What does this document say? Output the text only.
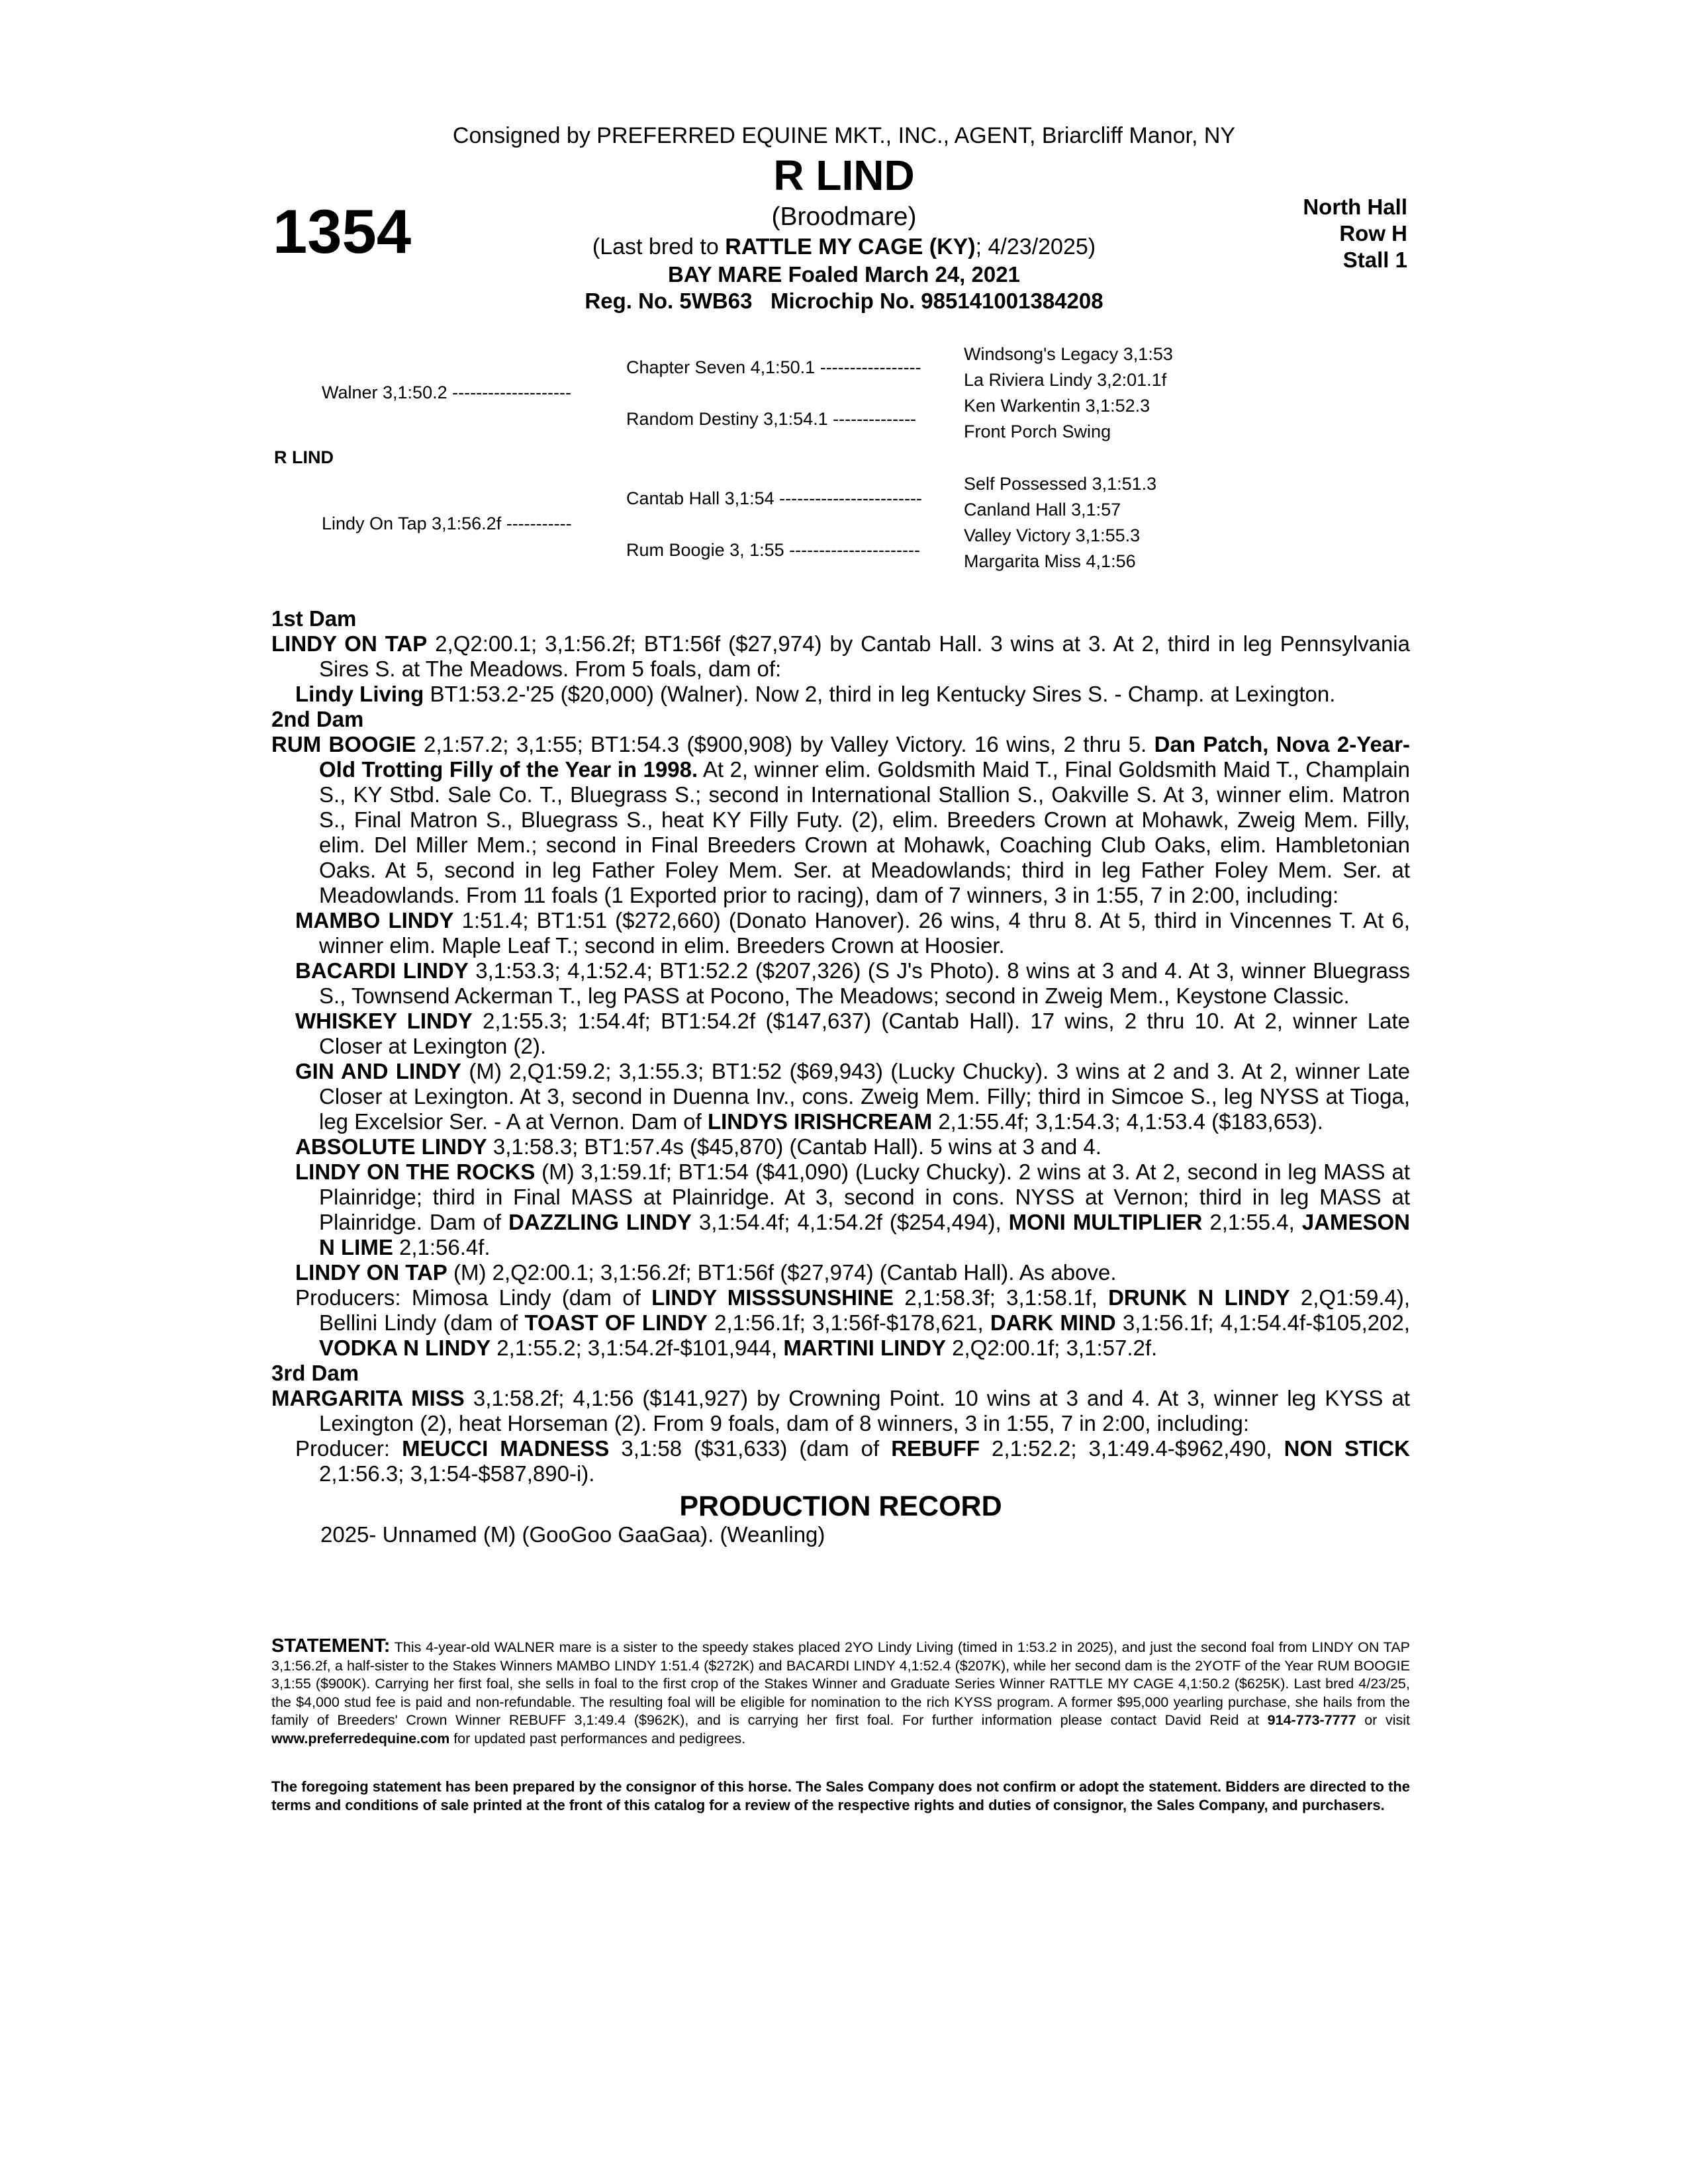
Consigned by PREFERRED EQUINE MKT., INC., AGENT, Briarcliff Manor, NY
R LIND
(Broodmare)
(Last bred to RATTLE MY CAGE (KY); 4/23/2025)
BAY MARE Foaled March 24, 2021
Reg. No. 5WB63 Microchip No. 985141001384208
1354	North Hall
Row H
Stall 1
Walner 3,1:50.2 --------------------
R LIND
Lindy On Tap 3,1:56.2f -----------
Chapter Seven 4,1:50.1 -----------------
Random Destiny 3,1:54.1 --------------
Cantab Hall 3,1:54 ------------------------
Rum Boogie 3, 1:55 ----------------------
Windsong's Legacy 3,1:53
La Riviera Lindy 3,2:01.1f
Ken Warkentin 3,1:52.3
Front Porch Swing
Self Possessed 3,1:51.3
Canland Hall 3,1:57
Valley Victory 3,1:55.3
Margarita Miss 4,1:56

1st Dam

LINDY ON TAP 2,Q2:00.1; 3,1:56.2f; BT1:56f ($27,974) by Cantab Hall. 3 wins at 3. At 2, third in leg Pennsylvania Sires S. at The Meadows. From 5 foals, dam of:

Lindy Living BT1:53.2-'25 ($20,000) (Walner). Now 2, third in leg Kentucky Sires S. - Champ. at Lexington.

2nd Dam

RUM BOOGIE 2,1:57.2; 3,1:55; BT1:54.3 ($900,908) by Valley Victory. 16 wins, 2 thru 5. Dan Patch, Nova 2-Year-Old Trotting Filly of the Year in 1998. At 2, winner elim. Goldsmith Maid T., Final Goldsmith Maid T., Champlain S., KY Stbd. Sale Co. T., Bluegrass S.; second in International Stallion S., Oakville S. At 3, winner elim. Matron S., Final Matron S., Bluegrass S., heat KY Filly Futy. (2), elim. Breeders Crown at Mohawk, Zweig Mem. Filly, elim. Del Miller Mem.; second in Final Breeders Crown at Mohawk, Coaching Club Oaks, elim. Hambletonian Oaks. At 5, second in leg Father Foley Mem. Ser. at Meadowlands; third in leg Father Foley Mem. Ser. at Meadowlands. From 11 foals (1 Exported prior to racing), dam of 7 winners, 3 in 1:55, 7 in 2:00, including:

MAMBO LINDY 1:51.4; BT1:51 ($272,660) (Donato Hanover). 26 wins, 4 thru 8. At 5, third in Vincennes T. At 6, winner elim. Maple Leaf T.; second in elim. Breeders Crown at Hoosier.

BACARDI LINDY 3,1:53.3; 4,1:52.4; BT1:52.2 ($207,326) (S J's Photo). 8 wins at 3 and 4. At 3, winner Bluegrass S., Townsend Ackerman T., leg PASS at Pocono, The Meadows; second in Zweig Mem., Keystone Classic.

WHISKEY LINDY 2,1:55.3; 1:54.4f; BT1:54.2f ($147,637) (Cantab Hall). 17 wins, 2 thru 10. At 2, winner Late Closer at Lexington (2).

GIN AND LINDY (M) 2,Q1:59.2; 3,1:55.3; BT1:52 ($69,943) (Lucky Chucky). 3 wins at 2 and 3. At 2, winner Late Closer at Lexington. At 3, second in Duenna Inv., cons. Zweig Mem. Filly; third in Simcoe S., leg NYSS at Tioga, leg Excelsior Ser. - A at Vernon. Dam of LINDYS IRISHCREAM 2,1:55.4f; 3,1:54.3; 4,1:53.4 ($183,653).

ABSOLUTE LINDY 3,1:58.3; BT1:57.4s ($45,870) (Cantab Hall). 5 wins at 3 and 4.

LINDY ON THE ROCKS (M) 3,1:59.1f; BT1:54 ($41,090) (Lucky Chucky). 2 wins at 3. At 2, second in leg MASS at Plainridge; third in Final MASS at Plainridge. At 3, second in cons. NYSS at Vernon; third in leg MASS at Plainridge. Dam of DAZZLING LINDY 3,1:54.4f; 4,1:54.2f ($254,494), MONI MULTIPLIER 2,1:55.4, JAMESON N LIME 2,1:56.4f.

LINDY ON TAP (M) 2,Q2:00.1; 3,1:56.2f; BT1:56f ($27,974) (Cantab Hall). As above.

Producers: Mimosa Lindy (dam of LINDY MISSSUNSHINE 2,1:58.3f; 3,1:58.1f, DRUNK N LINDY 2,Q1:59.4), Bellini Lindy (dam of TOAST OF LINDY 2,1:56.1f; 3,1:56f-$178,621, DARK MIND 3,1:56.1f; 4,1:54.4f-$105,202, VODKA N LINDY 2,1:55.2; 3,1:54.2f-$101,944, MARTINI LINDY 2,Q2:00.1f; 3,1:57.2f.

3rd Dam

MARGARITA MISS 3,1:58.2f; 4,1:56 ($141,927) by Crowning Point. 10 wins at 3 and 4. At 3, winner leg KYSS at Lexington (2), heat Horseman (2). From 9 foals, dam of 8 winners, 3 in 1:55, 7 in 2:00, including:

Producer: MEUCCI MADNESS 3,1:58 ($31,633) (dam of REBUFF 2,1:52.2; 3,1:49.4-$962,490, NON STICK 2,1:56.3; 3,1:54-$587,890-i).

PRODUCTION RECORD

2025- Unnamed (M) (GooGoo GaaGaa). (Weanling)

STATEMENT: This 4-year-old WALNER mare is a sister to the speedy stakes placed 2YO Lindy Living (timed in 1:53.2 in 2025), and just the second foal from LINDY ON TAP 3,1:56.2f, a half-sister to the Stakes Winners MAMBO LINDY 1:51.4 ($272K) and BACARDI LINDY 4,1:52.4 ($207K), while her second dam is the 2YOTF of the Year RUM BOOGIE 3,1:55 ($900K). Carrying her first foal, she sells in foal to the first crop of the Stakes Winner and Graduate Series Winner RATTLE MY CAGE 4,1:50.2 ($625K). Last bred 4/23/25, the $4,000 stud fee is paid and non-refundable. The resulting foal will be eligible for nomination to the rich KYSS program. A former $95,000 yearling purchase, she hails from the family of Breeders' Crown Winner REBUFF 3,1:49.4 ($962K), and is carrying her first foal. For further information please contact David Reid at 914-773-7777 or visit www.preferredequine.com for updated past performances and pedigrees.
The foregoing statement has been prepared by the consignor of this horse. The Sales Company does not confirm or adopt the statement. Bidders are directed to the terms and conditions of sale printed at the front of this catalog for a review of the respective rights and duties of consignor, the Sales Company, and purchasers.
